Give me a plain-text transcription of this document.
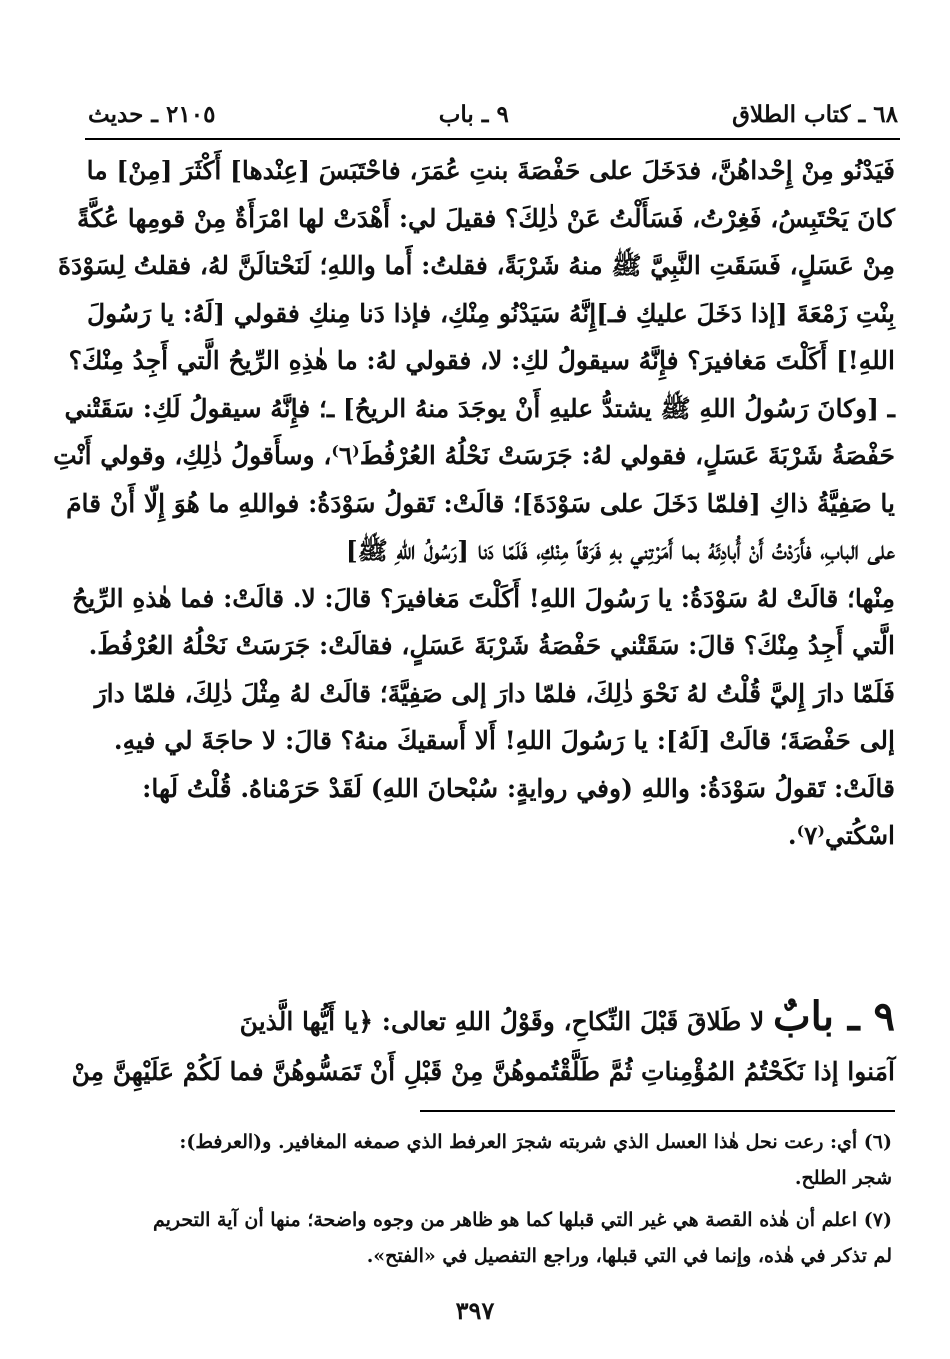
٦٨ ـ كتاب الطلاق
٩ ـ باب
٢١٠٥ ـ حديث
فَيَدْنُو مِنْ إِحْداهُنَّ، فدَخَلَ على حَفْصَةَ بنتِ عُمَرَ، فاحْتَبَسَ [عِنْدها] أَكْثَرَ [مِنْ] ما
كانَ يَحْتَبِسُ، فَغِرْتُ، فَسَأَلْتُ عَنْ ذٰلِكَ؟ فقيلَ لي: أَهْدَتْ لها امْرَأَةٌ مِنْ قومِها عُكَّةً
مِنْ عَسَلٍ، فَسَقَتِ النَّبِيَّ ﷺ منهُ شَرْبَةً، فقلتُ: أَما واللهِ؛ لَنَحْتالَنَّ لهُ، فقلتُ لِسَوْدَةَ
بِنْتِ زَمْعَةَ [إذا دَخَلَ عليكِ فـ]إِنَّهُ سَيَدْنُو مِنْكِ، فإذا دَنا مِنكِ فقولي [لَهُ: يا رَسُولَ
اللهِ!] أَكَلْتَ مَغافيرَ؟ فإِنَّهُ سيقولُ لكِ: لا، فقولي لهُ: ما هٰذِهِ الرِّيحُ الَّتي أَجِدُ مِنْكَ؟
ـ [وكانَ رَسُولُ اللهِ ﷺ يشتدُّ عليهِ أَنْ يوجَدَ منهُ الريحُ] ـ؛ فإِنَّهُ سيقولُ لَكِ: سَقَتْني
حَفْصَةُ شَرْبَةَ عَسَلٍ، فقولي لهُ: جَرَسَتْ نَحْلُهُ العُرْفُطَ⁽٦⁾، وسأَقولُ ذٰلِكِ، وقولي أَنْتِ
يا صَفِيَّةُ ذاكِ [فلمّا دَخَلَ على سَوْدَةَ]؛ قالَتْ: تَقولُ سَوْدَةُ: فواللهِ ما هُوَ إِلّا أَنْ قامَ
على البابِ، فأَرَدْتُ أَنْ أُبادِئَهُ بما أَمَرْتِني بهِ فَرَقاً مِنْكِ، فَلَمّا دَنا [رَسُولُ اللهِ ﷺ]
مِنْها؛ قالَتْ لهُ سَوْدَةُ: يا رَسُولَ اللهِ! أَكَلْتَ مَغافيرَ؟ قالَ: لا. قالَتْ: فما هٰذهِ الرِّيحُ
الَّتي أَجِدُ مِنْكَ؟ قالَ: سَقَتْني حَفْصَةُ شَرْبَةَ عَسَلٍ، فقالَتْ: جَرَسَتْ نَحْلُهُ العُرْفُطَ.
فَلَمّا دارَ إِليَّ قُلْتُ لهُ نَحْوَ ذٰلِكَ، فلمّا دارَ إلى صَفِيَّةَ؛ قالَتْ لهُ مِثْلَ ذٰلِكَ، فلمّا دارَ
إلى حَفْصَةَ؛ قالَتْ [لَهُ]: يا رَسُولَ اللهِ! أَلا أَسقيكَ منهُ؟ قالَ: لا حاجَةَ لي فيهِ.
قالَتْ: تَقولُ سَوْدَةُ: واللهِ (وفي روايةٍ: سُبْحانَ اللهِ) لَقَدْ حَرَمْناهُ. قُلْتُ لَها:
اسْكُتي⁽٧⁾.
٩ ـ بابٌ لا طَلاقَ قَبْلَ النِّكاحِ، وقَوْلُ اللهِ تعالى: ﴿يا أَيُّها الَّذينَ
آمَنوا إذا نَكَحْتُمُ المُؤْمِناتِ ثُمَّ طَلَّقْتُموهُنَّ مِنْ قَبْلِ أَنْ تَمَسُّوهُنَّ فما لَكُمْ عَلَيْهِنَّ مِنْ
(٦) أي: رعت نحل هٰذا العسل الذي شربته شجرَ العرفط الذي صمغه المغافير. و(العرفط):
شجر الطلح.
(٧) اعلم أن هٰذه القصة هي غير التي قبلها كما هو ظاهر من وجوه واضحة؛ منها أن آية التحريم
لم تذكر في هٰذه، وإنما في التي قبلها، وراجع التفصيل في «الفتح».
٣٩٧
